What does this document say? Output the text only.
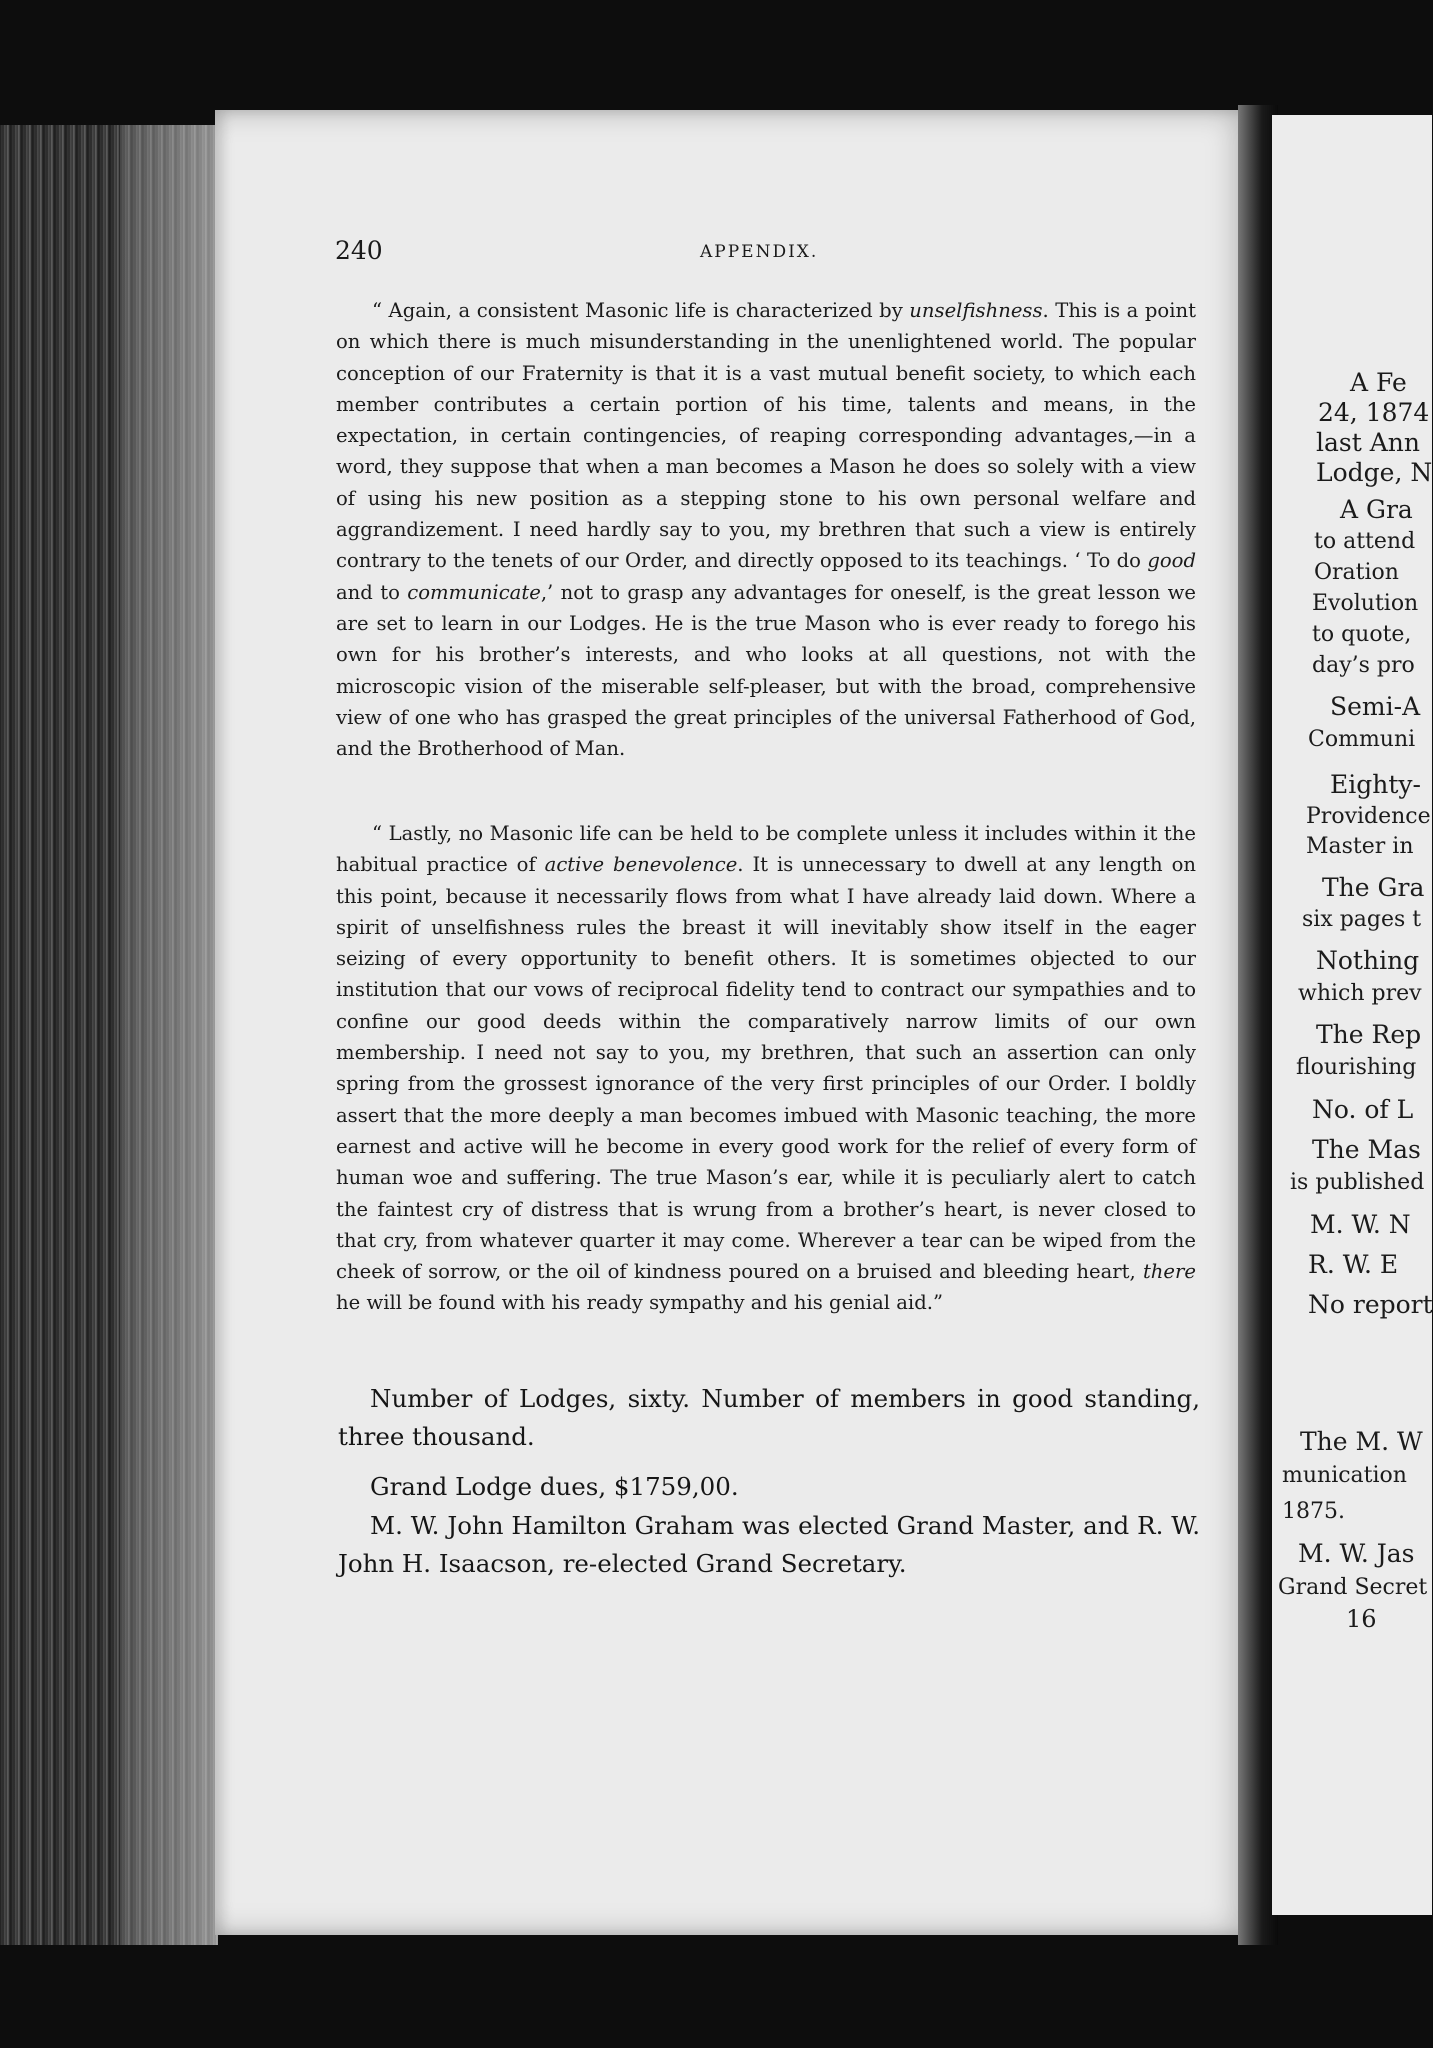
240	APPENDIX.

“ Again, a consistent Masonic life is characterized by unselfishness. This is a point on which there is much misunderstanding in the unenlightened world. The popular conception of our Fraternity is that it is a vast mutual benefit society, to which each member contributes a certain portion of his time, talents and means, in the expectation, in certain contingencies, of reaping corresponding advantages,—in a word, they suppose that when a man becomes a Mason he does so solely with a view of using his new position as a stepping stone to his own personal welfare and aggrandizement. I need hardly say to you, my brethren that such a view is entirely contrary to the tenets of our Order, and directly opposed to its teachings. ‘ To do good and to communicate,’ not to grasp any advantages for oneself, is the great lesson we are set to learn in our Lodges. He is the true Mason who is ever ready to forego his own for his brother’s interests, and who looks at all questions, not with the microscopic vision of the miserable self-pleaser, but with the broad, comprehensive view of one who has grasped the great principles of the universal Fatherhood of God, and the Brotherhood of Man.

“ Lastly, no Masonic life can be held to be complete unless it includes within it the habitual practice of active benevolence. It is unnecessary to dwell at any length on this point, because it necessarily flows from what I have already laid down. Where a spirit of unselfishness rules the breast it will inevitably show itself in the eager seizing of every opportunity to benefit others. It is sometimes objected to our institution that our vows of reciprocal fidelity tend to contract our sympathies and to confine our good deeds within the comparatively narrow limits of our own membership. I need not say to you, my brethren, that such an assertion can only spring from the grossest ignorance of the very first principles of our Order. I boldly assert that the more deeply a man becomes imbued with Masonic teaching, the more earnest and active will he become in every good work for the relief of every form of human woe and suffering. The true Mason’s ear, while it is peculiarly alert to catch the faintest cry of distress that is wrung from a brother’s heart, is never closed to that cry, from whatever quarter it may come. Wherever a tear can be wiped from the cheek of sorrow, or the oil of kindness poured on a bruised and bleeding heart, there he will be found with his ready sympathy and his genial aid.”

Number of Lodges, sixty. Number of members in good standing, three thousand.

Grand Lodge dues, $1759,00.

M. W. John Hamilton Graham was elected Grand Master, and R. W. John H. Isaacson, re-elected Grand Secretary.

A Fe

24, 1874

last Ann

Lodge, N

A Gra

to attend

Oration

Evolution

to quote,

day’s pro

Semi-A

Communi

Eighty-

Providence

Master in

The Gra

six pages t

Nothing

which prev

The Rep

flourishing

No. of L

The Mas

is published

M. W. N

R. W. E

No report

The M. W

munication

1875.

M. W. Jas

Grand Secret

16
